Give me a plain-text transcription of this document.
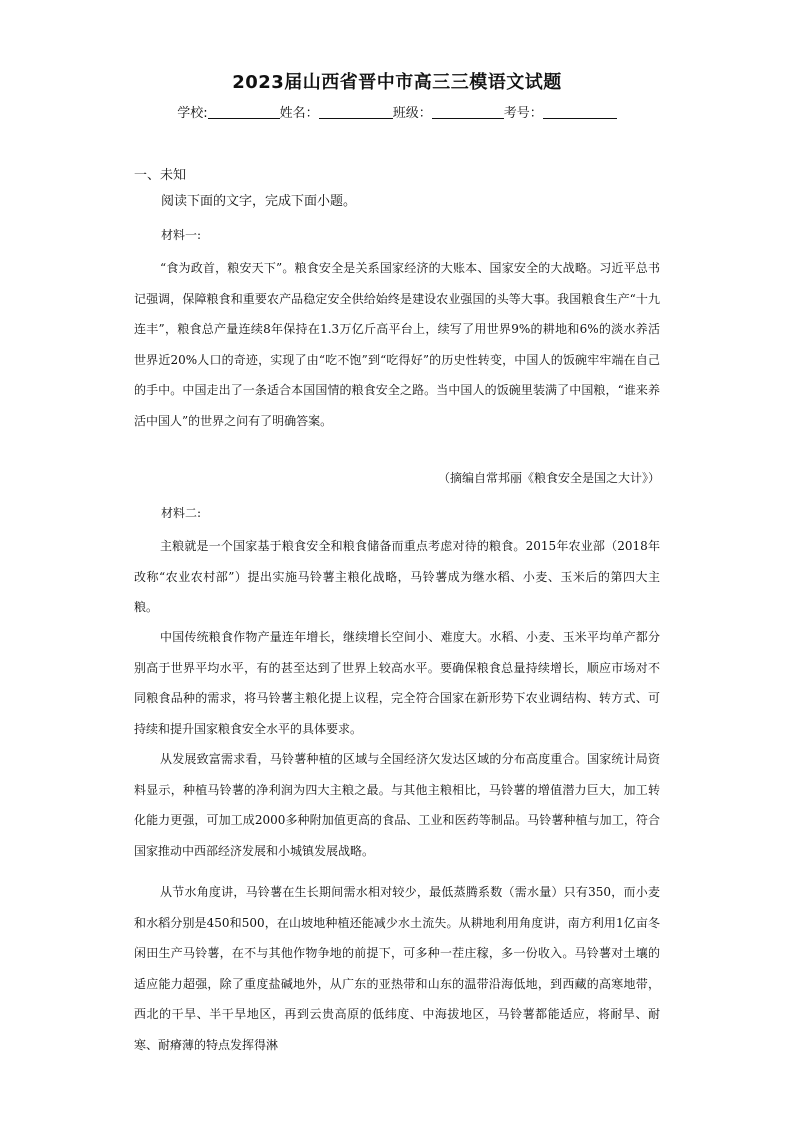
2023届山西省晋中市高三三模语文试题
学校:	姓名：	班级：	考号：
一、未知
阅读下面的文字，完成下面小题。
材料一:

“食为政首，粮安天下”。粮食安全是关系国家经济的大账本、国家安全的大战略。习近平总书记强调，保障粮食和重要农产品稳定安全供给始终是建设农业强国的头等大事。我国粮食生产“十九连丰”，粮食总产量连续8年保持在1.3万亿斤高平台上，续写了用世界9%的耕地和6%的淡水养活世界近20%人口的奇迹，实现了由“吃不饱”到“吃得好”的历史性转变，中国人的饭碗牢牢端在自己的手中。中国走出了一条适合本国国情的粮食安全之路。当中国人的饭碗里装满了中国粮，“谁来养活中国人”的世界之问有了明确答案。

（摘编自常邦丽《粮食安全是国之大计》）
材料二:

主粮就是一个国家基于粮食安全和粮食储备而重点考虑对待的粮食。2015年农业部（2018年改称“农业农村部”）提出实施马铃薯主粮化战略，马铃薯成为继水稻、小麦、玉米后的第四大主粮。

中国传统粮食作物产量连年增长，继续增长空间小、难度大。水稻、小麦、玉米平均单产都分别高于世界平均水平，有的甚至达到了世界上较高水平。要确保粮食总量持续增长，顺应市场对不同粮食品种的需求，将马铃薯主粮化提上议程，完全符合国家在新形势下农业调结构、转方式、可持续和提升国家粮食安全水平的具体要求。

从发展致富需求看，马铃薯种植的区域与全国经济欠发达区域的分布高度重合。国家统计局资料显示，种植马铃薯的净利润为四大主粮之最。与其他主粮相比，马铃薯的增值潜力巨大，加工转化能力更强，可加工成2000多种附加值更高的食品、工业和医药等制品。马铃薯种植与加工，符合国家推动中西部经济发展和小城镇发展战略。

从节水角度讲，马铃薯在生长期间需水相对较少，最低蒸腾系数（需水量）只有350，而小麦和水稻分别是450和500，在山坡地种植还能减少水土流失。从耕地利用角度讲，南方利用1亿亩冬闲田生产马铃薯，在不与其他作物争地的前提下，可多种一茬庄稼，多一份收入。马铃薯对土壤的适应能力超强，除了重度盐碱地外，从广东的亚热带和山东的温带沿海低地，到西藏的高寒地带，西北的干旱、半干旱地区，再到云贵高原的低纬度、中海拔地区，马铃薯都能适应，将耐旱、耐寒、耐瘠薄的特点发挥得淋
